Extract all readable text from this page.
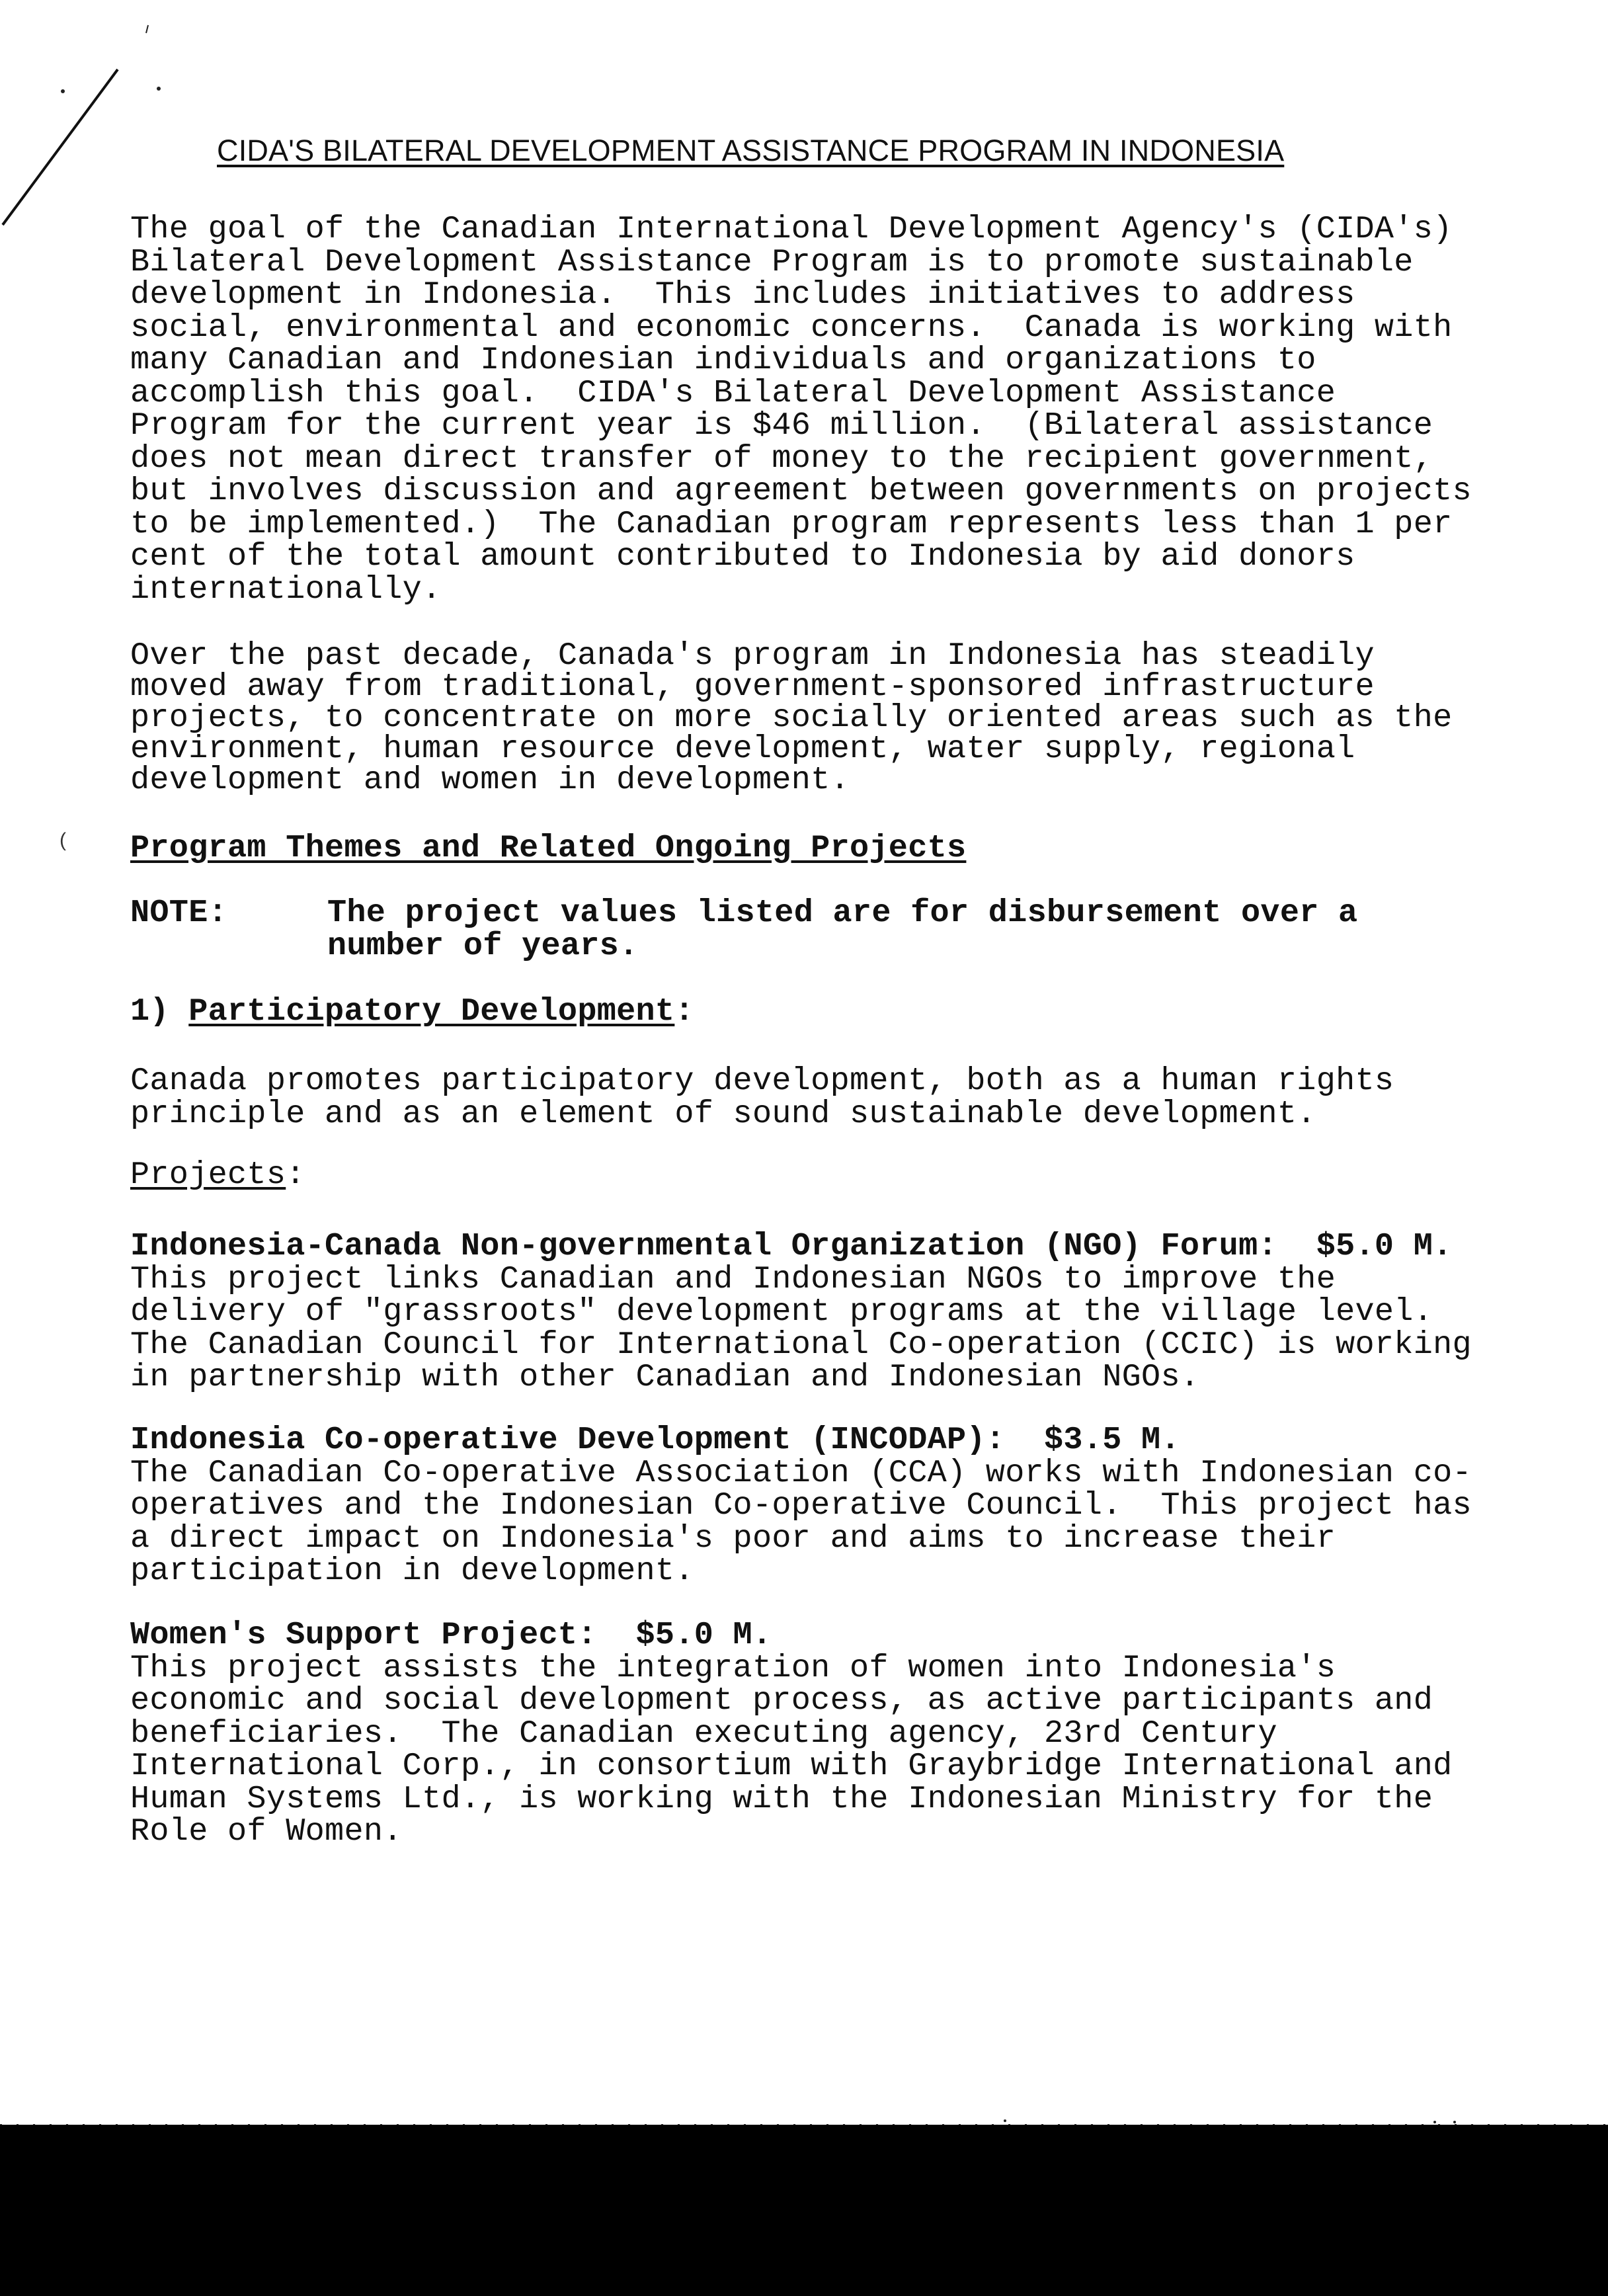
CIDA'S BILATERAL DEVELOPMENT ASSISTANCE PROGRAM IN INDONESIA

The goal of the Canadian International Development Agency's (CIDA's)
Bilateral Development Assistance Program is to promote sustainable
development in Indonesia.  This includes initiatives to address
social, environmental and economic concerns.  Canada is working with
many Canadian and Indonesian individuals and organizations to
accomplish this goal.  CIDA's Bilateral Development Assistance
Program for the current year is $46 million.  (Bilateral assistance
does not mean direct transfer of money to the recipient government,
but involves discussion and agreement between governments on projects
to be implemented.)  The Canadian program represents less than 1 per
cent of the total amount contributed to Indonesia by aid donors
internationally.

Over the past decade, Canada's program in Indonesia has steadily
moved away from traditional, government-sponsored infrastructure
projects, to concentrate on more socially oriented areas such as the
environment, human resource development, water supply, regional
development and women in development.

( Program Themes and Related Ongoing Projects
NOTE:	The project values listed are for disbursement over a
number of years.
1) Participatory Development:

Canada promotes participatory development, both as a human rights
principle and as an element of sound sustainable development.

Projects:
Indonesia-Canada Non-governmental Organization (NGO) Forum:  $5.0 M.
This project links Canadian and Indonesian NGOs to improve the
delivery of "grassroots" development programs at the village level.
The Canadian Council for International Co-operation (CCIC) is working
in partnership with other Canadian and Indonesian NGOs.
Indonesia Co-operative Development (INCODAP):  $3.5 M.
The Canadian Co-operative Association (CCA) works with Indonesian co-
operatives and the Indonesian Co-operative Council.  This project has
a direct impact on Indonesia's poor and aims to increase their
participation in development.
Women's Support Project:  $5.0 M.
This project assists the integration of women into Indonesia's
economic and social development process, as active participants and
beneficiaries.  The Canadian executing agency, 23rd Century
International Corp., in consortium with Graybridge International and
Human Systems Ltd., is working with the Indonesian Ministry for the
Role of Women.
